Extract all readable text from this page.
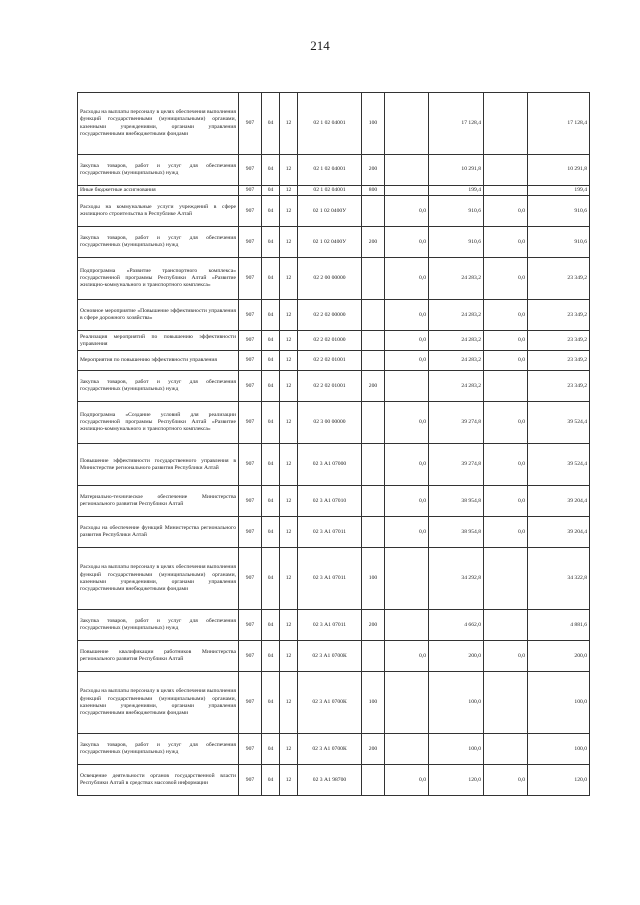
214
Расходы на выплаты персоналу в целях обеспечения выполнения функций государственными (муниципальными) органами, казенными учреждениями, органами управления государственными внебюджетными фондами	907	04	12	02 1 02 04001	100		17 128,4		17 128,4
Закупка товаров, работ и услуг для обеспечения государственных (муниципальных) нужд	907	04	12	02 1 02 04001	200		10 291,8		10 291,8
Иные бюджетные ассигнования	907	04	12	02 1 02 04001	800		199,4		199,4
Расходы на коммунальные услуги учреждений в сфере жилищного строительства в Республике Алтай	907	04	12	02 1 02 0400У		0,0	910,6	0,0	910,6
Закупка товаров, работ и услуг для обеспечения государственных (муниципальных) нужд	907	04	12	02 1 02 0400У	200	0,0	910,6	0,0	910,6
Подпрограмма «Развитие транспортного комплекса» государственной программы Республики Алтай «Развитие жилищно-коммунального и транспортного комплекса»	907	04	12	02 2 00 00000		0,0	24 283,2	0,0	23 349,2
Основное мероприятие «Повышение эффективности управления в сфере дорожного хозяйства»	907	04	12	02 2 02 00000		0,0	24 283,2	0,0	23 349,2
Реализация мероприятий по повышению эффективности управления	907	04	12	02 2 02 01000		0,0	24 283,2	0,0	23 349,2
Мероприятия по повышению эффективности управления	907	04	12	02 2 02 01001		0,0	24 283,2	0,0	23 349,2
Закупка товаров, работ и услуг для обеспечения государственных (муниципальных) нужд	907	04	12	02 2 02 01001	200		24 283,2		23 349,2
Подпрограмма «Создание условий для реализации государственной программы Республики Алтай «Развитие жилищно-коммунального и транспортного комплекса»	907	04	12	02 3 00 00000		0,0	39 274,8	0,0	39 524,4
Повышение эффективности государственного управления в Министерстве регионального развития Республики Алтай	907	04	12	02 3 А1 07000		0,0	39 274,8	0,0	39 524,4
Материально-техническое обеспечение Министерства регионального развития Республики Алтай	907	04	12	02 3 А1 07010		0,0	38 954,8	0,0	39 204,4
Расходы на обеспечение функций Министерства регионального развития Республики Алтай	907	04	12	02 3 А1 07011		0,0	38 954,8	0,0	39 204,4
Расходы на выплаты персоналу в целях обеспечения выполнения функций государственными (муниципальными) органами, казенными учреждениями, органами управления государственными внебюджетными фондами	907	04	12	02 3 А1 07011	100		34 292,8		34 322,8
Закупка товаров, работ и услуг для обеспечения государственных (муниципальных) нужд	907	04	12	02 3 А1 07011	200		4 662,0		4 881,6
Повышение квалификации работников Министерства регионального развития Республики Алтай	907	04	12	02 3 А1 0700К		0,0	200,0	0,0	200,0
Расходы на выплаты персоналу в целях обеспечения выполнения функций государственными (муниципальными) органами, казенными учреждениями, органами управления государственными внебюджетными фондами	907	04	12	02 3 А1 0700К	100		100,0		100,0
Закупка товаров, работ и услуг для обеспечения государственных (муниципальных) нужд	907	04	12	02 3 А1 0700К	200		100,0		100,0
Освещение деятельности органов государственной власти Республики Алтай в средствах массовой информации	907	04	12	02 3 А1 98700		0,0	120,0	0,0	120,0
